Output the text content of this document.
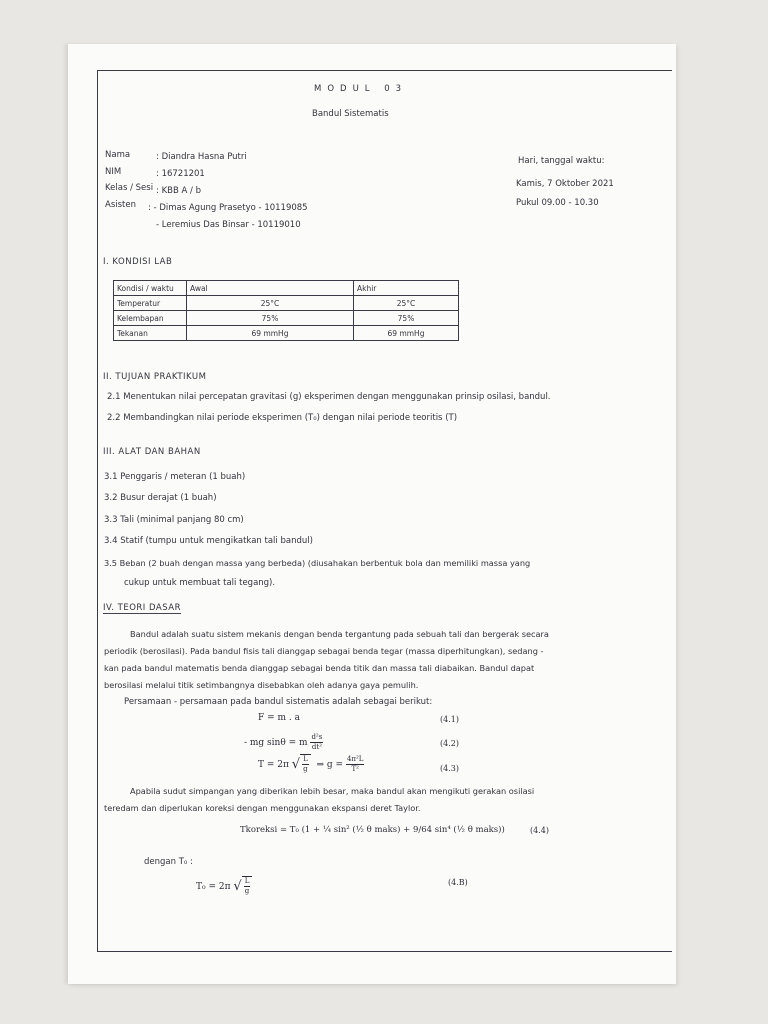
MODUL 03
Bandul Sistematis
Nama	: Diandra Hasna Putri
NIM	: 16721201
Kelas / Sesi : KBB A / b
Asisten : - Dimas Agung Prasetyo - 10119085
- Leremius Das Binsar - 10119010
Hari, tanggal waktu:
Kamis, 7 Oktober 2021
Pukul 09.00 - 10.30
I. KONDISI LAB
Kondisi / waktu	Awal	Akhir
Temperatur	25°C	25°C
Kelembapan	75%	75%
Tekanan	69 mmHg	69 mmHg
II. TUJUAN PRAKTIKUM
2.1 Menentukan nilai percepatan gravitasi (g) eksperimen dengan menggunakan prinsip osilasi, bandul.
2.2 Membandingkan nilai periode eksperimen (T₀) dengan nilai periode teoritis (T)
III. ALAT DAN BAHAN
3.1 Penggaris / meteran (1 buah)
3.2 Busur derajat (1 buah)
3.3 Tali (minimal panjang 80 cm)
3.4 Statif (tumpu untuk mengikatkan tali bandul)
3.5 Beban (2 buah dengan massa yang berbeda) (diusahakan berbentuk bola dan memiliki massa yang
cukup untuk membuat tali tegang).
IV. TEORI DASAR
Bandul adalah suatu sistem mekanis dengan benda tergantung pada sebuah tali dan bergerak secara
periodik (berosilasi). Pada bandul fisis tali dianggap sebagai benda tegar (massa diperhitungkan), sedang -
kan pada bandul matematis benda dianggap sebagai benda titik dan massa tali diabaikan. Bandul dapat
berosilasi melalui titik setimbangnya disebabkan oleh adanya gaya pemulih.
Persamaan - persamaan pada bandul sistematis adalah sebagai berikut:
F = m . a	(4.1)
- mg sinθ = m $\frac{\text{d²s}}{\text{dt²}}$	(4.2)
T = 2π √ $\frac{L}{g}$ ⇒ $g = \frac{\text{4π²L}}{\text{T²}}$	(4.3)
Apabila sudut simpangan yang diberikan lebih besar, maka bandul akan mengikuti gerakan osilasi
teredam dan diperlukan koreksi dengan menggunakan ekspansi deret Taylor.
Tkoreksi = T₀ (1 + ¼ sin² (½ θ maks) + 9/64 sin⁴ (½ θ maks))	(4.4)
dengan T₀ :
T₀ = 2π √ $\frac{L}{g}$	(4.B)
